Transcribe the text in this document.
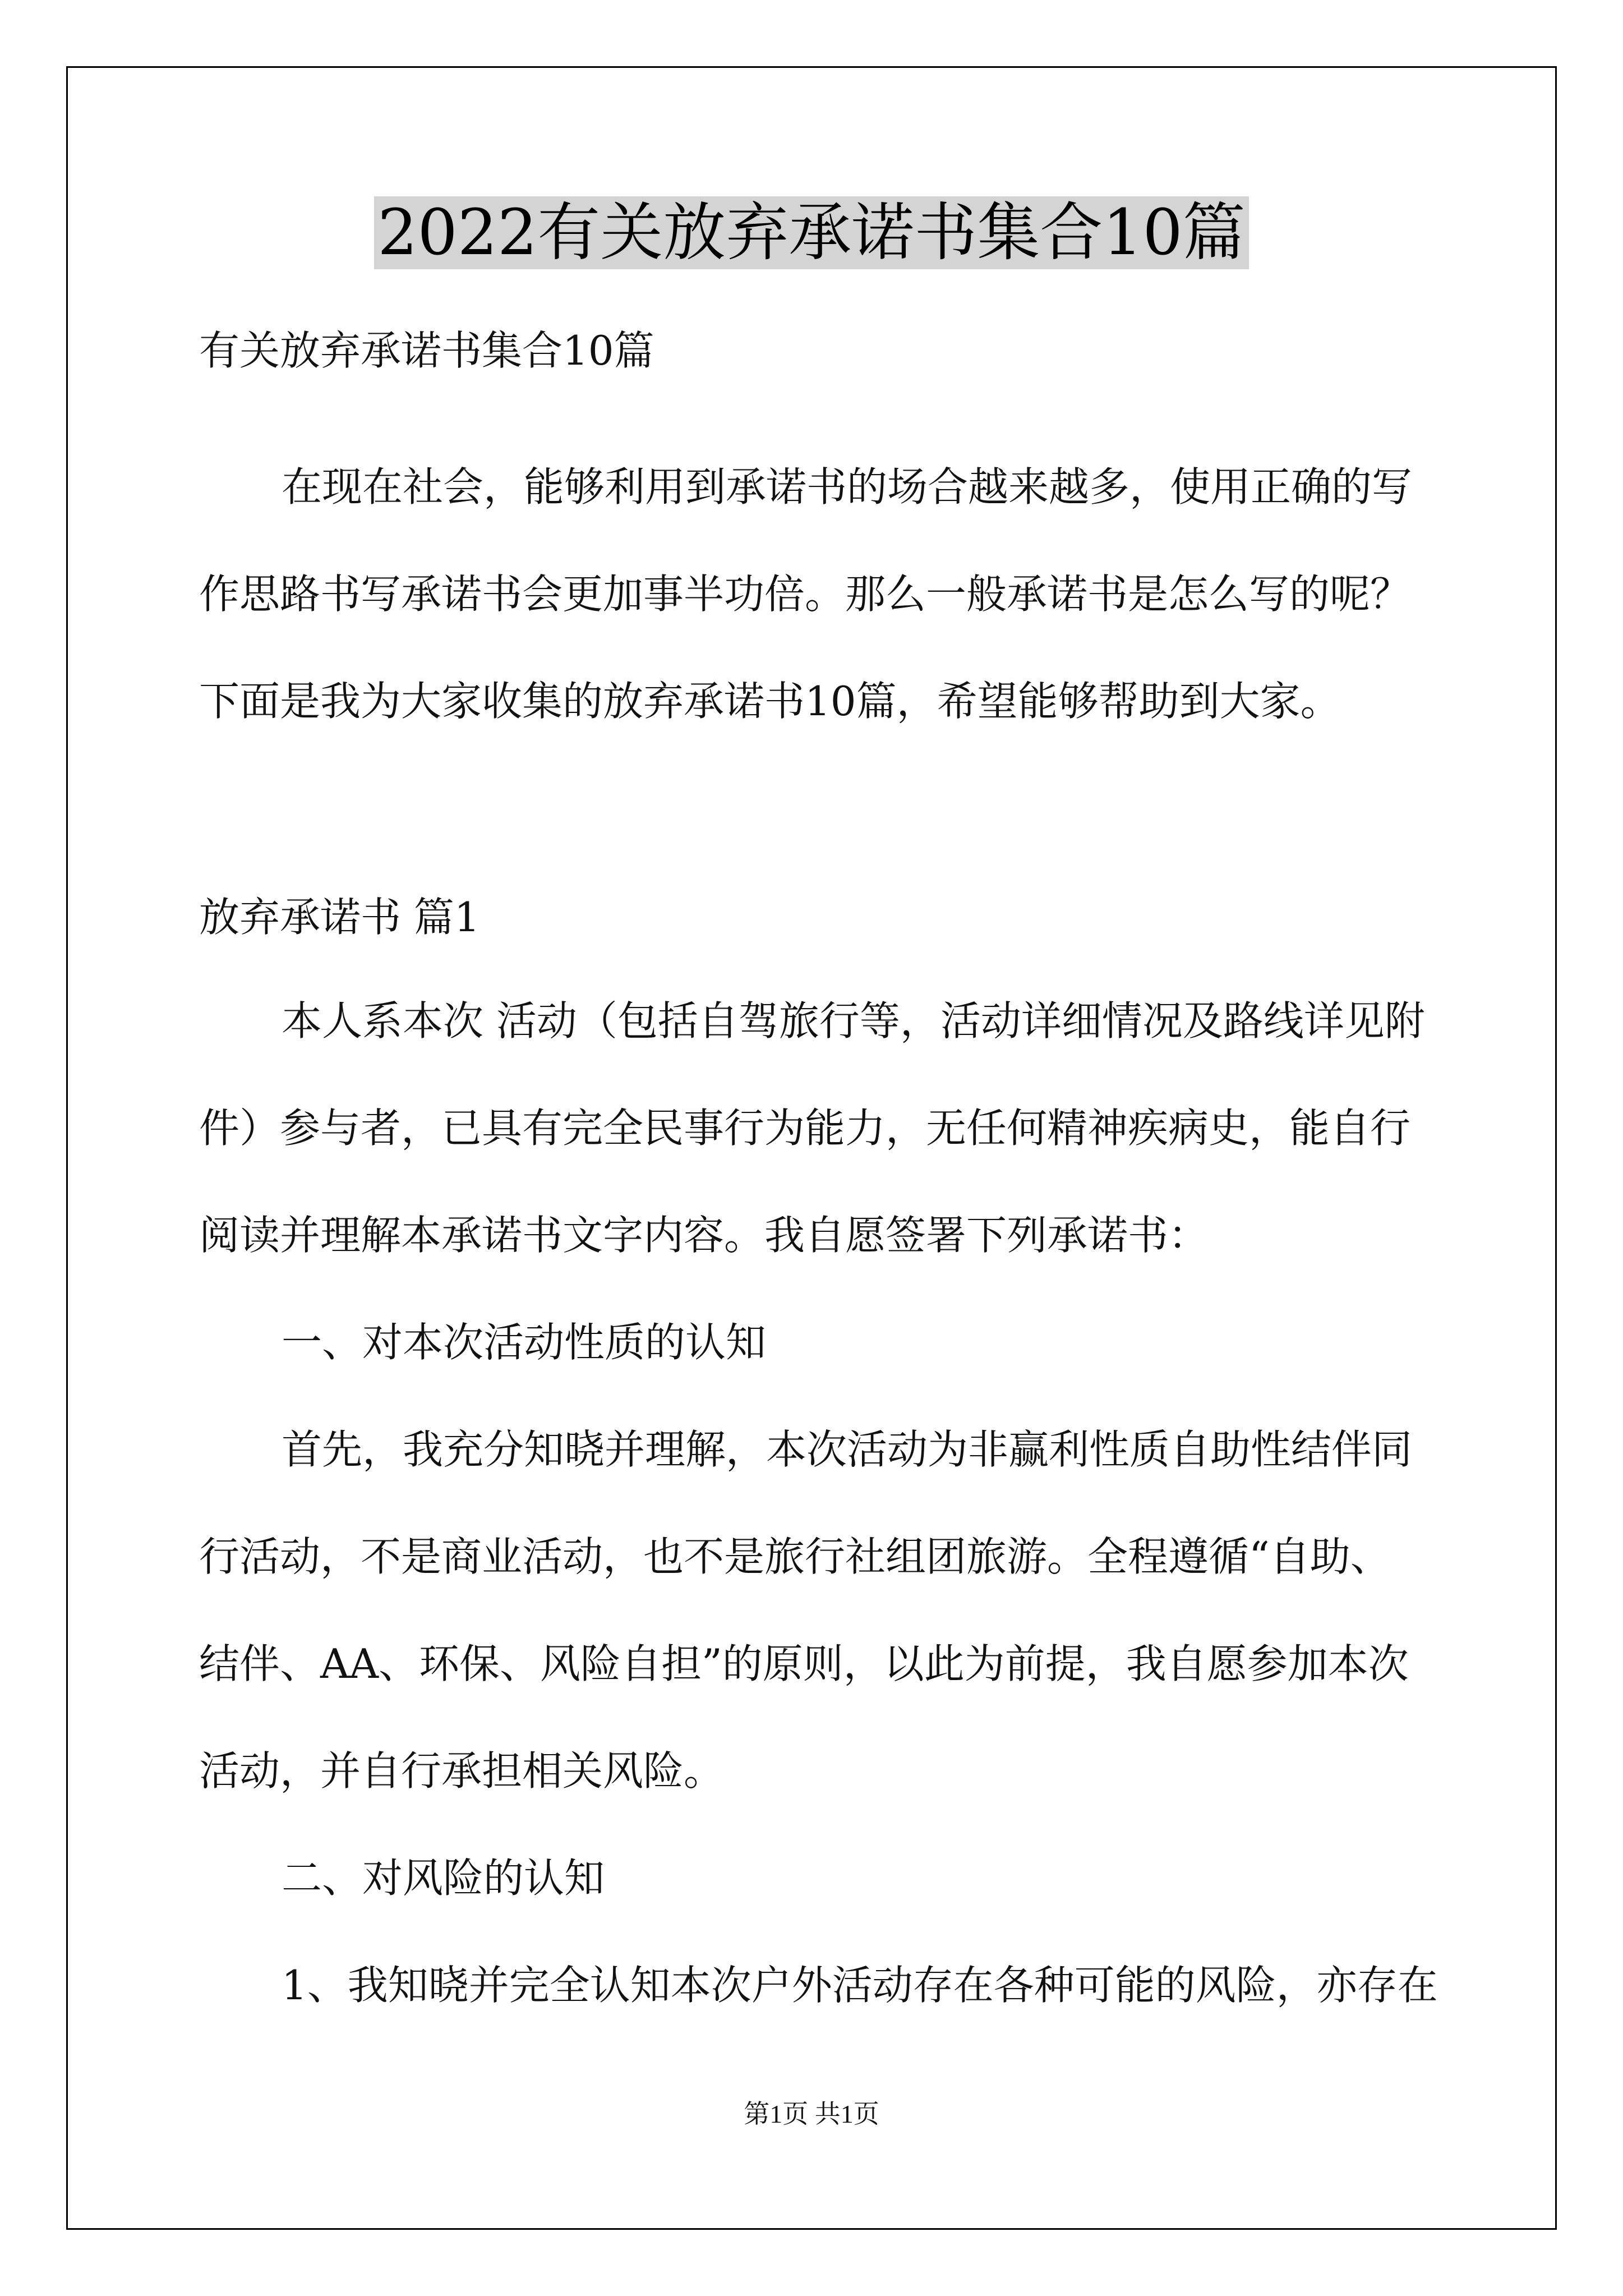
2022有关放弃承诺书集合10篇
有关放弃承诺书集合10篇
在现在社会，能够利用到承诺书的场合越来越多，使用正确的写
作思路书写承诺书会更加事半功倍。那么一般承诺书是怎么写的呢？
下面是我为大家收集的放弃承诺书10篇，希望能够帮助到大家。
放弃承诺书 篇1
本人系本次 活动（包括自驾旅行等，活动详细情况及路线详见附
件）参与者，已具有完全民事行为能力，无任何精神疾病史，能自行
阅读并理解本承诺书文字内容。我自愿签署下列承诺书：
一、对本次活动性质的认知
首先，我充分知晓并理解，本次活动为非赢利性质自助性结伴同
行活动，不是商业活动，也不是旅行社组团旅游。全程遵循“自助、
结伴、AA、环保、风险自担”的原则，以此为前提，我自愿参加本次
活动，并自行承担相关风险。
二、对风险的认知
1、我知晓并完全认知本次户外活动存在各种可能的风险，亦存在
第1页 共1页
